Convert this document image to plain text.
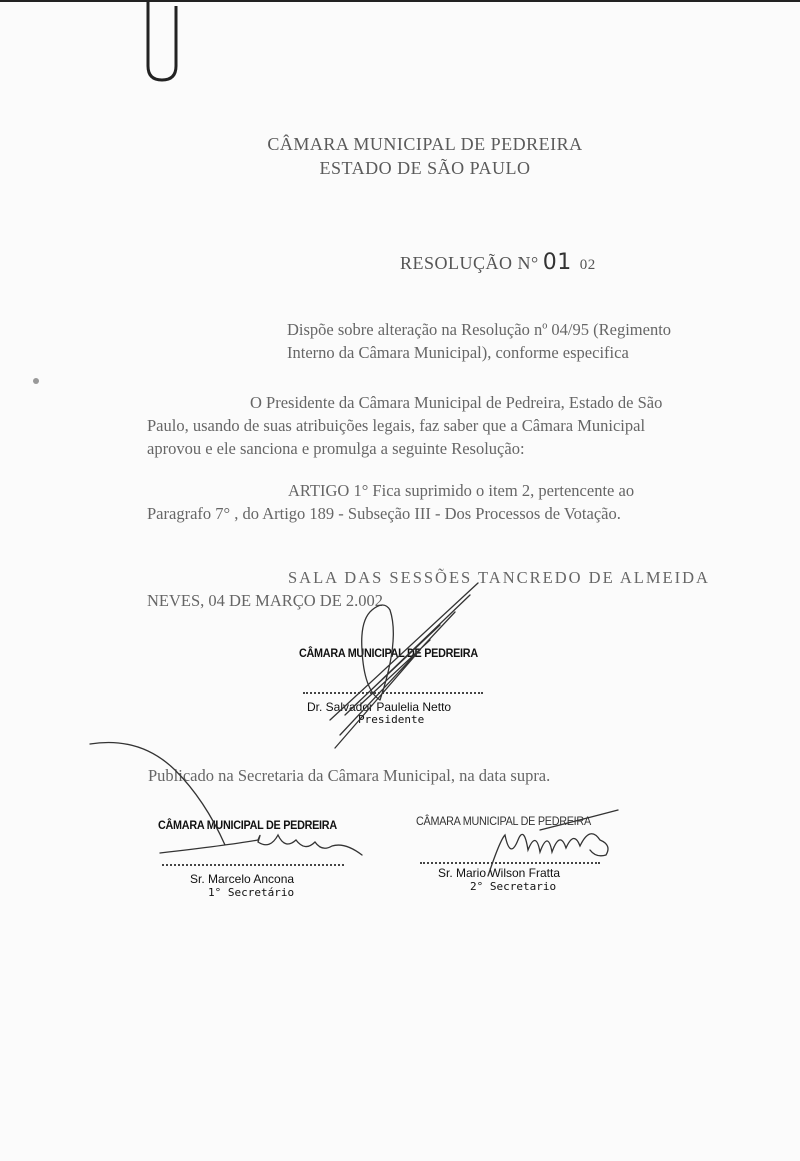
CÂMARA MUNICIPAL DE PEDREIRA
ESTADO DE SÃO PAULO
RESOLUÇÃO N° 01 02
Dispõe sobre alteração na Resolução nº 04/95 (Regimento
Interno da Câmara Municipal), conforme especifica
O Presidente da Câmara Municipal de Pedreira, Estado de São
Paulo, usando de suas atribuições legais, faz saber que a Câmara Municipal
aprovou e ele sanciona e promulga a seguinte Resolução:
ARTIGO 1° Fica suprimido o item 2, pertencente ao
Paragrafo 7° , do Artigo 189 - Subseção III - Dos Processos de Votação.
SALA DAS SESSÕES TANCREDO DE ALMEIDA
NEVES, 04 DE MARÇO DE 2.002
CÂMARA MUNICIPAL DE PEDREIRA
Dr. Salvador Paulelia Netto
Presidente
Publicado na Secretaria da Câmara Municipal, na data supra.
CÂMARA MUNICIPAL DE PEDREIRA
Sr. Marcelo Ancona
1° Secretário
CÂMARA MUNICIPAL DE PEDREIRA
Sr. Mario Wilson Fratta
2° Secretario
